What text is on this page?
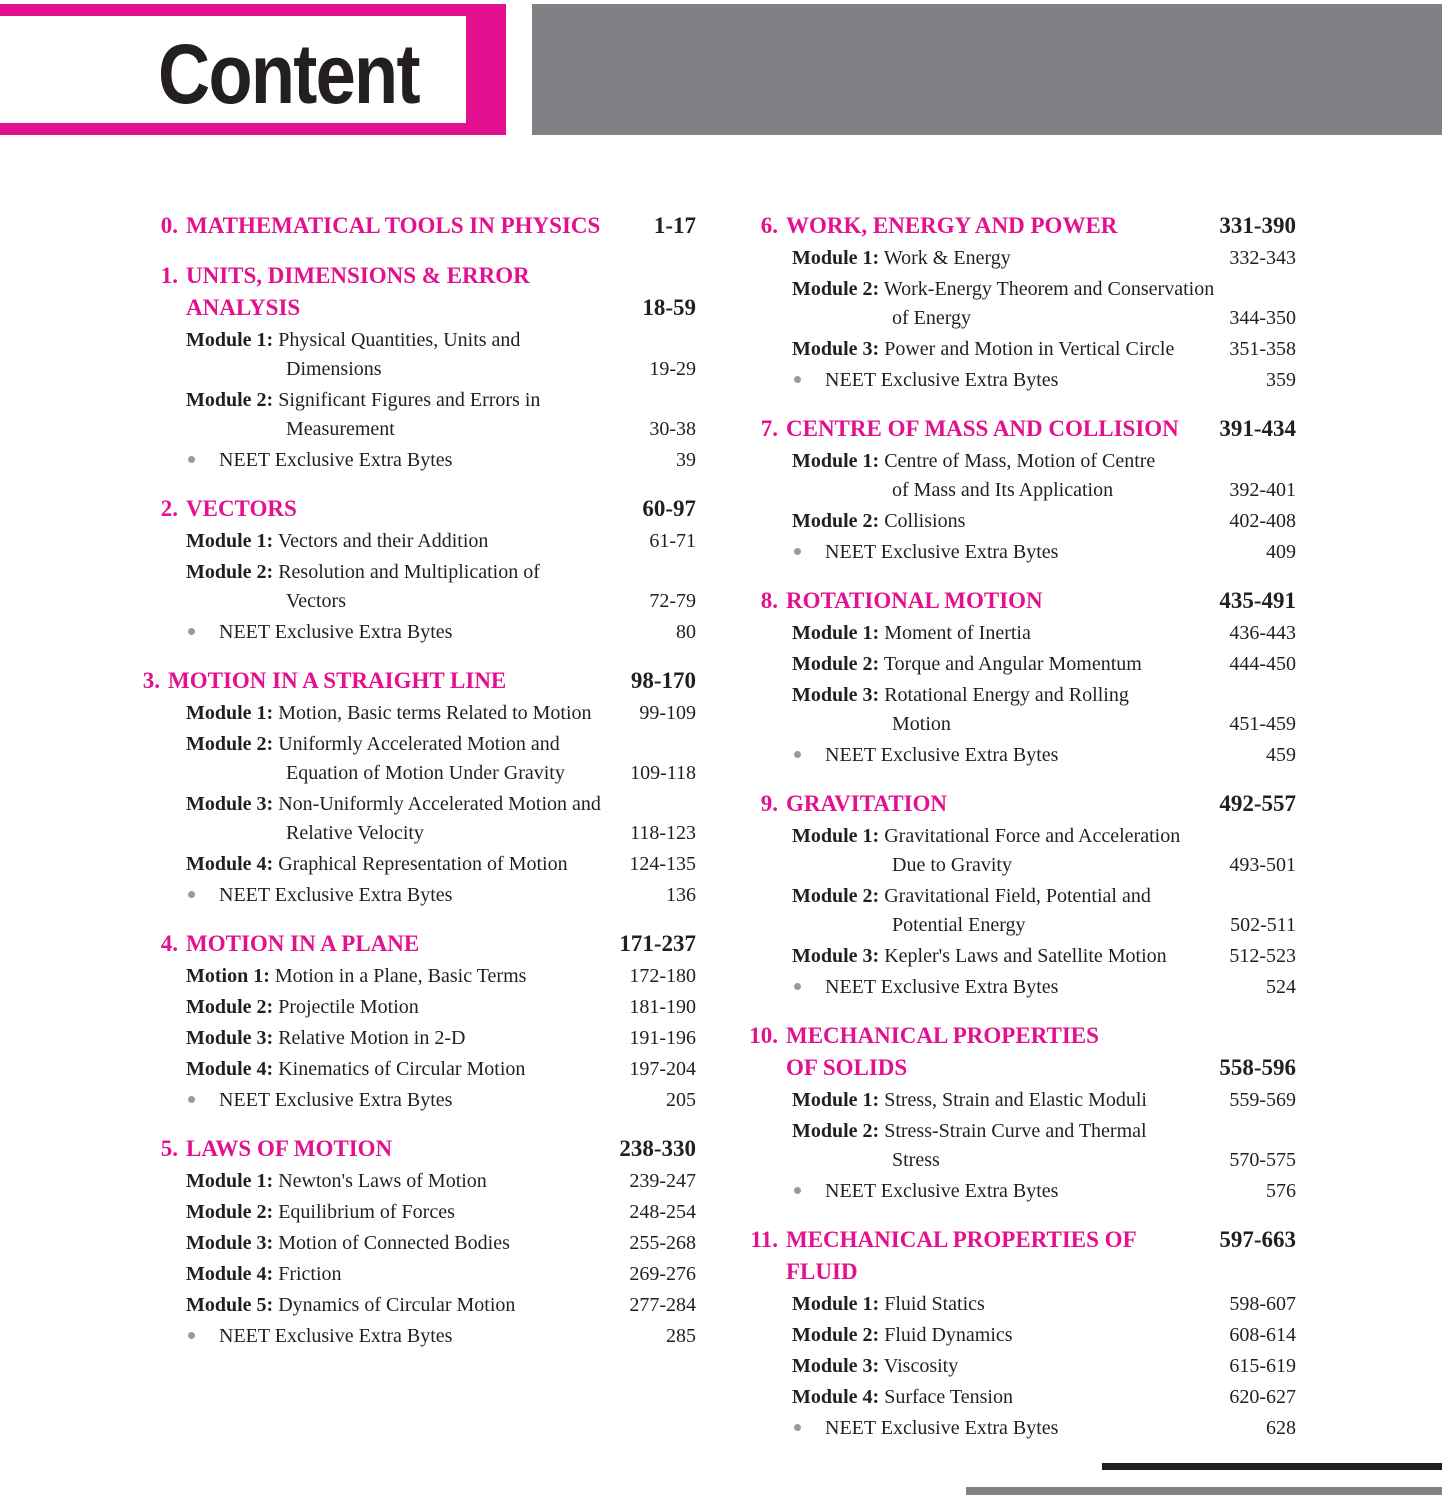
Content
0. MATHEMATICAL TOOLS IN PHYSICS 1-17
1. UNITS, DIMENSIONS & ERROR
ANALYSIS	18-59
Module 1: Physical Quantities, Units and
Dimensions	19-29
Module 2: Significant Figures and Errors in
Measurement	30-38
NEET Exclusive Extra Bytes	39
2. VECTORS	60-97
Module 1: Vectors and their Addition	61-71
Module 2: Resolution and Multiplication of
Vectors	72-79
NEET Exclusive Extra Bytes	80
3. MOTION IN A STRAIGHT LINE	98-170
Module 1: Motion, Basic terms Related to Motion	99-109
Module 2: Uniformly Accelerated Motion and
Equation of Motion Under Gravity	109-118
Module 3: Non-Uniformly Accelerated Motion and
Relative Velocity	118-123
Module 4: Graphical Representation of Motion	124-135
NEET Exclusive Extra Bytes	136
4. MOTION IN A PLANE	171-237
Motion 1: Motion in a Plane, Basic Terms	172-180
Module 2: Projectile Motion	181-190
Module 3: Relative Motion in 2-D	191-196
Module 4: Kinematics of Circular Motion	197-204
NEET Exclusive Extra Bytes	205
5. LAWS OF MOTION	238-330
Module 1: Newton's Laws of Motion	239-247
Module 2: Equilibrium of Forces	248-254
Module 3: Motion of Connected Bodies	255-268
Module 4: Friction	269-276
Module 5: Dynamics of Circular Motion	277-284
NEET Exclusive Extra Bytes	285
6. WORK, ENERGY AND POWER	331-390
Module 1: Work & Energy	332-343
Module 2: Work-Energy Theorem and Conservation
of Energy	344-350
Module 3: Power and Motion in Vertical Circle	351-358
NEET Exclusive Extra Bytes	359
7. CENTRE OF MASS AND COLLISION 391-434
Module 1: Centre of Mass, Motion of Centre
of Mass and Its Application	392-401
Module 2: Collisions	402-408
NEET Exclusive Extra Bytes	409
8. ROTATIONAL MOTION	435-491
Module 1: Moment of Inertia	436-443
Module 2: Torque and Angular Momentum	444-450
Module 3: Rotational Energy and Rolling
Motion	451-459
NEET Exclusive Extra Bytes	459
9. GRAVITATION	492-557
Module 1: Gravitational Force and Acceleration
Due to Gravity	493-501
Module 2: Gravitational Field, Potential and
Potential Energy	502-511
Module 3: Kepler's Laws and Satellite Motion	512-523
NEET Exclusive Extra Bytes	524
10. MECHANICAL PROPERTIES
OF SOLIDS	558-596
Module 1: Stress, Strain and Elastic Moduli	559-569
Module 2: Stress-Strain Curve and Thermal
Stress	570-575
NEET Exclusive Extra Bytes	576
11. MECHANICAL PROPERTIES OF FLUID
597-663
Module 1: Fluid Statics	598-607
Module 2: Fluid Dynamics	608-614
Module 3: Viscosity	615-619
Module 4: Surface Tension	620-627
NEET Exclusive Extra Bytes	628
